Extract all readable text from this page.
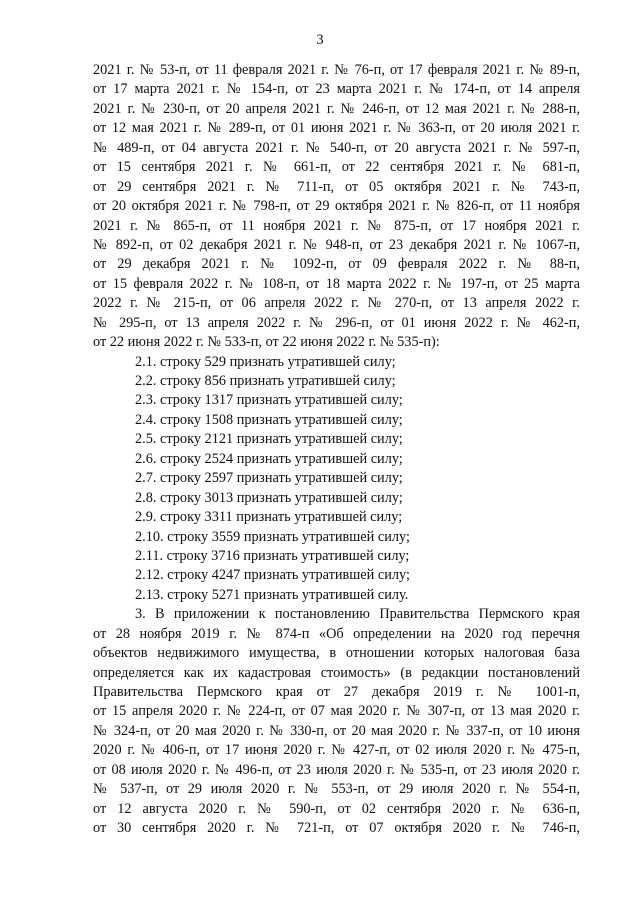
3
2021 г. № 53-п, от 11 февраля 2021 г. № 76-п, от 17 февраля 2021 г. № 89-п,
от 17 марта 2021 г. № 154-п, от 23 марта 2021 г. № 174-п, от 14 апреля
2021 г. № 230-п, от 20 апреля 2021 г. № 246-п, от 12 мая 2021 г. № 288-п,
от 12 мая 2021 г. № 289-п, от 01 июня 2021 г. № 363-п, от 20 июля 2021 г.
№ 489-п, от 04 августа 2021 г. № 540-п, от 20 августа 2021 г. № 597-п,
от 15 сентября 2021 г. № 661-п, от 22 сентября 2021 г. № 681-п,
от 29 сентября 2021 г. № 711-п, от 05 октября 2021 г. № 743-п,
от 20 октября 2021 г. № 798-п, от 29 октября 2021 г. № 826-п, от 11 ноября
2021 г. № 865-п, от 11 ноября 2021 г. № 875-п, от 17 ноября 2021 г.
№ 892-п, от 02 декабря 2021 г. № 948-п, от 23 декабря 2021 г. № 1067-п,
от 29 декабря 2021 г. № 1092-п, от 09 февраля 2022 г. № 88-п,
от 15 февраля 2022 г. № 108-п, от 18 марта 2022 г. № 197-п, от 25 марта
2022 г. № 215-п, от 06 апреля 2022 г. № 270-п, от 13 апреля 2022 г.
№ 295-п, от 13 апреля 2022 г. № 296-п, от 01 июня 2022 г. № 462-п,
от 22 июня 2022 г. № 533-п, от 22 июня 2022 г. № 535-п):
2.1. строку 529 признать утратившей силу;
2.2. строку 856 признать утратившей силу;
2.3. строку 1317 признать утратившей силу;
2.4. строку 1508 признать утратившей силу;
2.5. строку 2121 признать утратившей силу;
2.6. строку 2524 признать утратившей силу;
2.7. строку 2597 признать утратившей силу;
2.8. строку 3013 признать утратившей силу;
2.9. строку 3311 признать утратившей силу;
2.10. строку 3559 признать утратившей силу;
2.11. строку 3716 признать утратившей силу;
2.12. строку 4247 признать утратившей силу;
2.13. строку 5271 признать утратившей силу.
3. В приложении к постановлению Правительства Пермского края
от 28 ноября 2019 г. № 874-п «Об определении на 2020 год перечня
объектов недвижимого имущества, в отношении которых налоговая база
определяется как их кадастровая стоимость» (в редакции постановлений
Правительства Пермского края от 27 декабря 2019 г. № 1001-п,
от 15 апреля 2020 г. № 224-п, от 07 мая 2020 г. № 307-п, от 13 мая 2020 г.
№ 324-п, от 20 мая 2020 г. № 330-п, от 20 мая 2020 г. № 337-п, от 10 июня
2020 г. № 406-п, от 17 июня 2020 г. № 427-п, от 02 июля 2020 г. № 475-п,
от 08 июля 2020 г. № 496-п, от 23 июля 2020 г. № 535-п, от 23 июля 2020 г.
№ 537-п, от 29 июля 2020 г. № 553-п, от 29 июля 2020 г. № 554-п,
от 12 августа 2020 г. № 590-п, от 02 сентября 2020 г. № 636-п,
от 30 сентября 2020 г. № 721-п, от 07 октября 2020 г. № 746-п,
